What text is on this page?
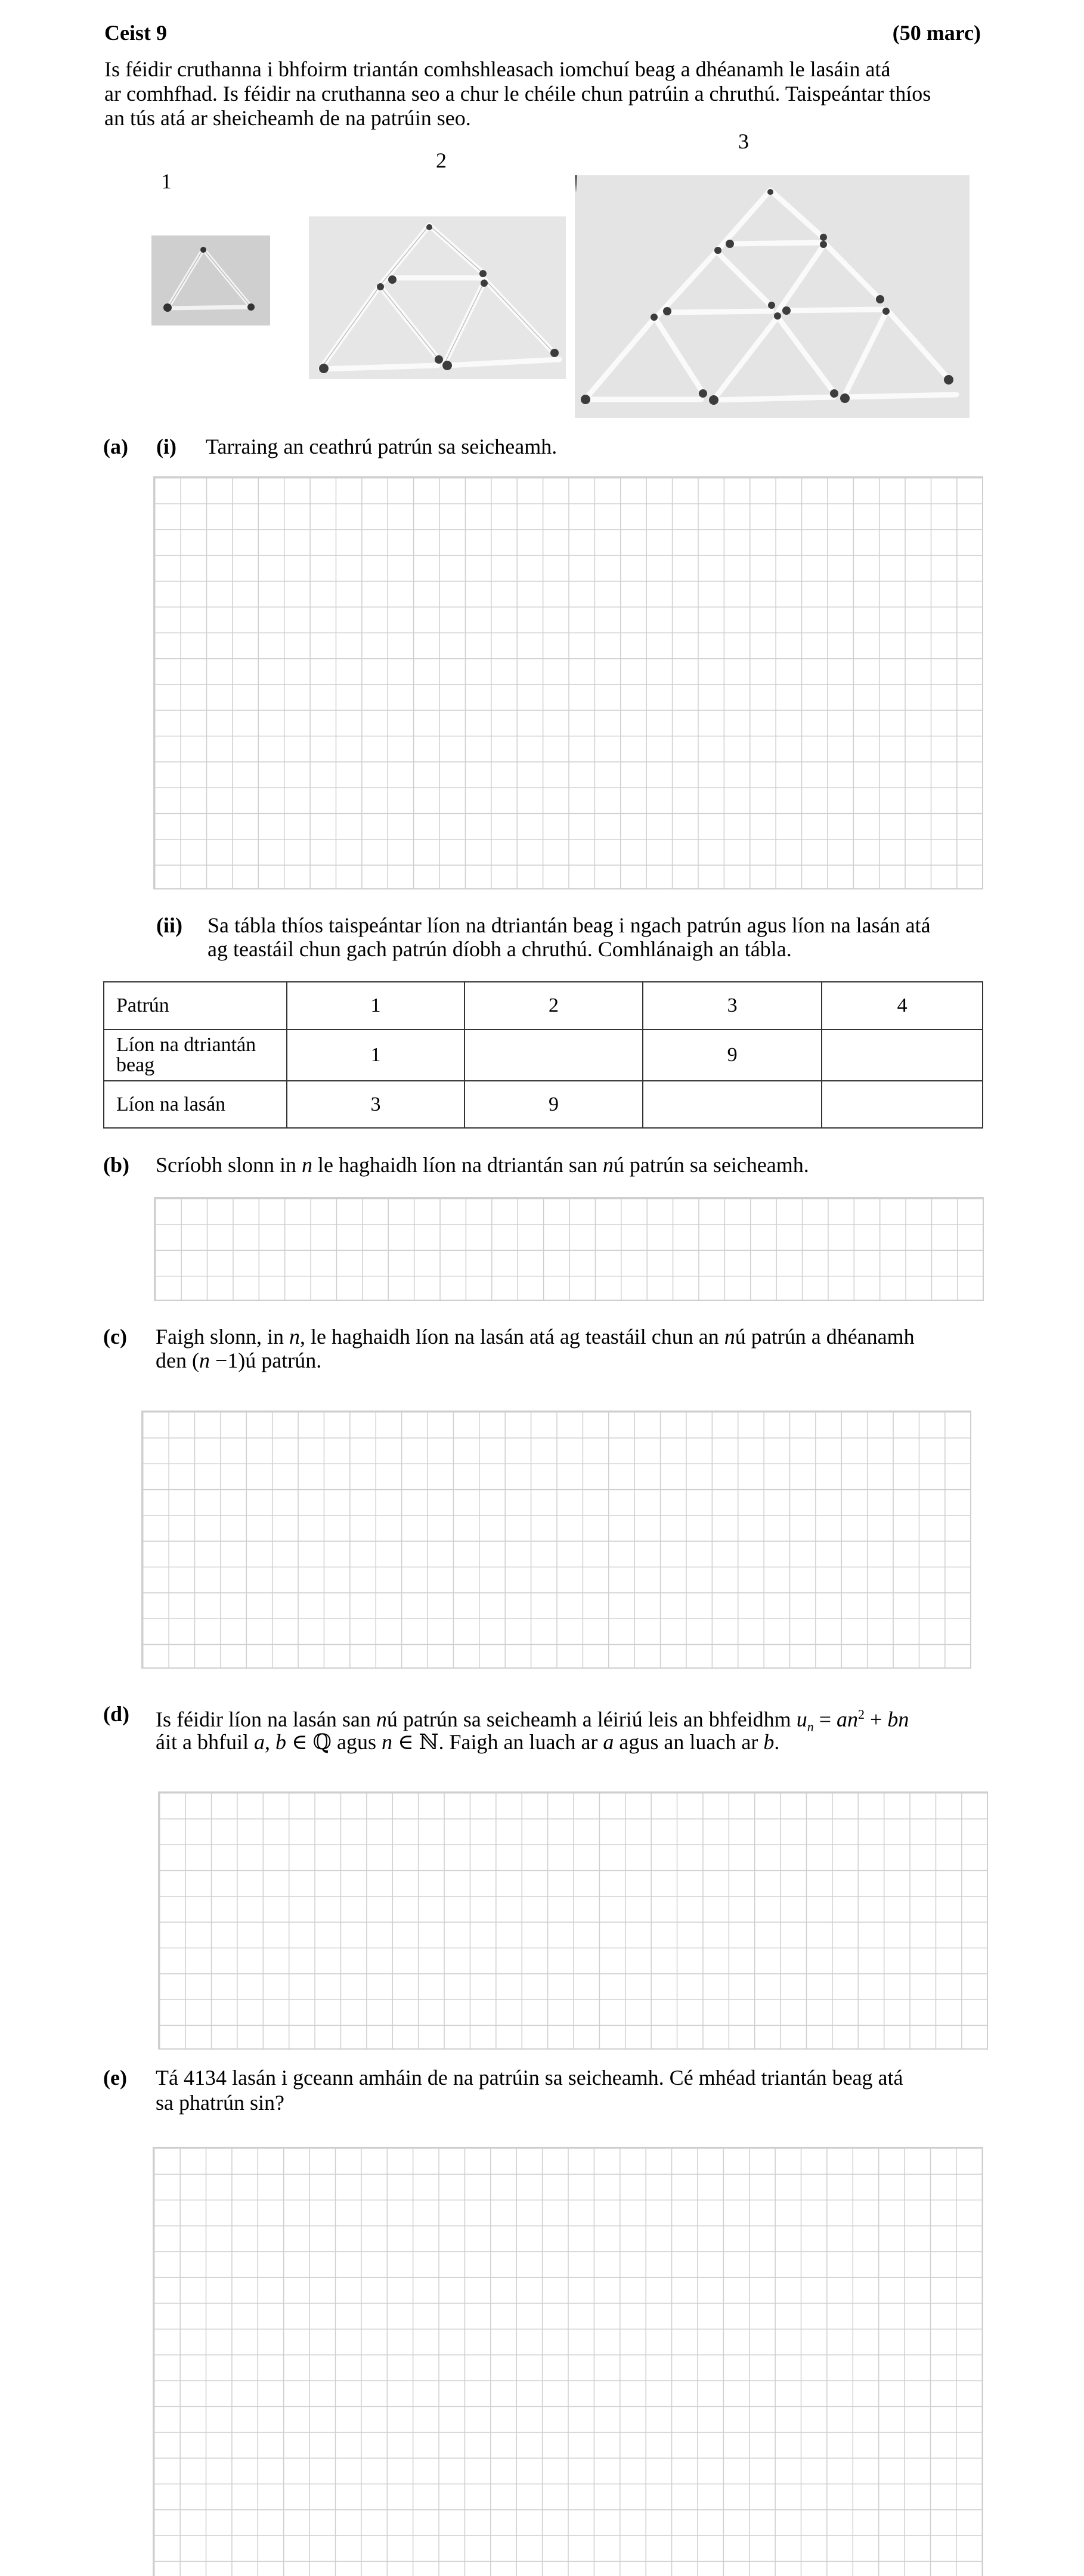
Ceist 9	(50 marc)
Is féidir cruthanna i bhfoirm triantán comhshleasach iomchuí beag a dhéanamh le lasáin atá
ar comhfhad. Is féidir na cruthanna seo a chur le chéile chun patrúin a chruthú. Taispeántar thíos
an tús atá ar sheicheamh de na patrúin seo.
1
2
3
(a) (i) Tarraing an ceathrú patrún sa seicheamh.
(ii) Sa tábla thíos taispeántar líon na dtriantán beag i ngach patrún agus líon na lasán atá
ag teastáil chun gach patrún díobh a chruthú. Comhlánaigh an tábla.
Patrún	1	2	3	4
Líon na dtriantán beag	1		9	
Líon na lasán	3	9		
(b) Scríobh slonn in n le haghaidh líon na dtriantán san nú patrún sa seicheamh.
(c) Faigh slonn, in n, le haghaidh líon na lasán atá ag teastáil chun an nú patrún a dhéanamh
den (n −1)ú patrún.
(d) Is féidir líon na lasán san nú patrún sa seicheamh a léiriú leis an bhfeidhm $u_n = an^2$ + bn
áit a bhfuil a, b ∈ ℚ agus n ∈ ℕ. Faigh an luach ar a agus an luach ar b.
(e) Tá 4134 lasán i gceann amháin de na patrúin sa seicheamh. Cé mhéad triantán beag atá
sa phatrún sin?
